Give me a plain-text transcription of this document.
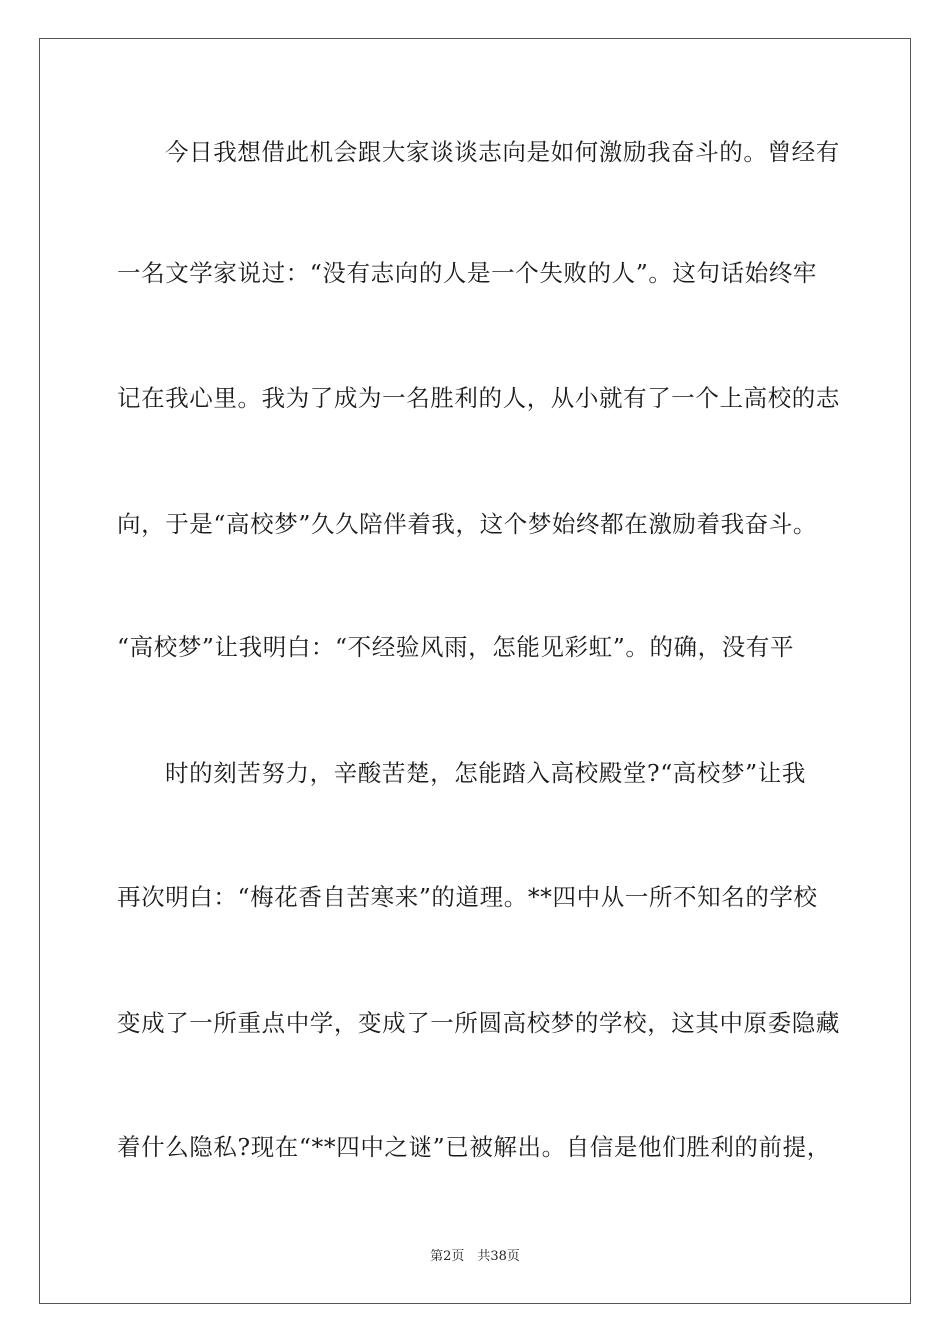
今日我想借此机会跟大家谈谈志向是如何激励我奋斗的。曾经有
一名文学家说过：“没有志向的人是一个失败的人”。这句话始终牢
记在我心里。我为了成为一名胜利的人，从小就有了一个上高校的志
向，于是“高校梦”久久陪伴着我，这个梦始终都在激励着我奋斗。
“高校梦”让我明白：“不经验风雨，怎能见彩虹”。的确，没有平
时的刻苦努力，辛酸苦楚，怎能踏入高校殿堂?“高校梦”让我
再次明白：“梅花香自苦寒来”的道理。**四中从一所不知名的学校
变成了一所重点中学，变成了一所圆高校梦的学校，这其中原委隐藏
着什么隐私?现在“**四中之谜”已被解出。自信是他们胜利的前提，
第2页　共38页
